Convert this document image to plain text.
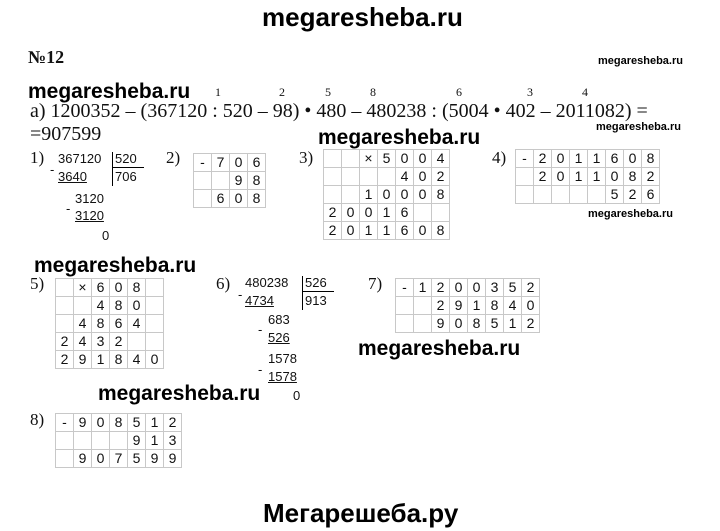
megaresheba.ru
№12	megaresheba.ru
megaresheba.ru
megaresheba.ru
megaresheba.ru
megaresheba.ru
megaresheba.ru
megaresheba.ru
megaresheba.ru
1	2	5	8	6	3	4
а) 1200352 – (367120 : 520 – 98) • 480 – 480238 : (5004 • 402 – 2011082) =
=907599
1)	2)	3)	4)
5)	6)	7)
8)
367120 520
706
- 3640
3120
- 3120
0
480238 526
913
- 4734
683
-
526
1578
- 1578
0
-	7	0	6
		9	8
	6	0	8
		×	5	0	0	4
				4	0	2
		1	0	0	0	8
2	0	0	1	6		
2	0	1	1	6	0	8
-	2	0	1	1	6	0	8
	2	0	1	1	0	8	2
					5	2	6
	×	6	0	8	
		4	8	0	
	4	8	6	4	
2	4	3	2		
2	9	1	8	4	0
-	1	2	0	0	3	5	2
		2	9	1	8	4	0
		9	0	8	5	1	2
-	9	0	8	5	1	2
				9	1	3
	9	0	7	5	9	9
Мегарешеба.ру
